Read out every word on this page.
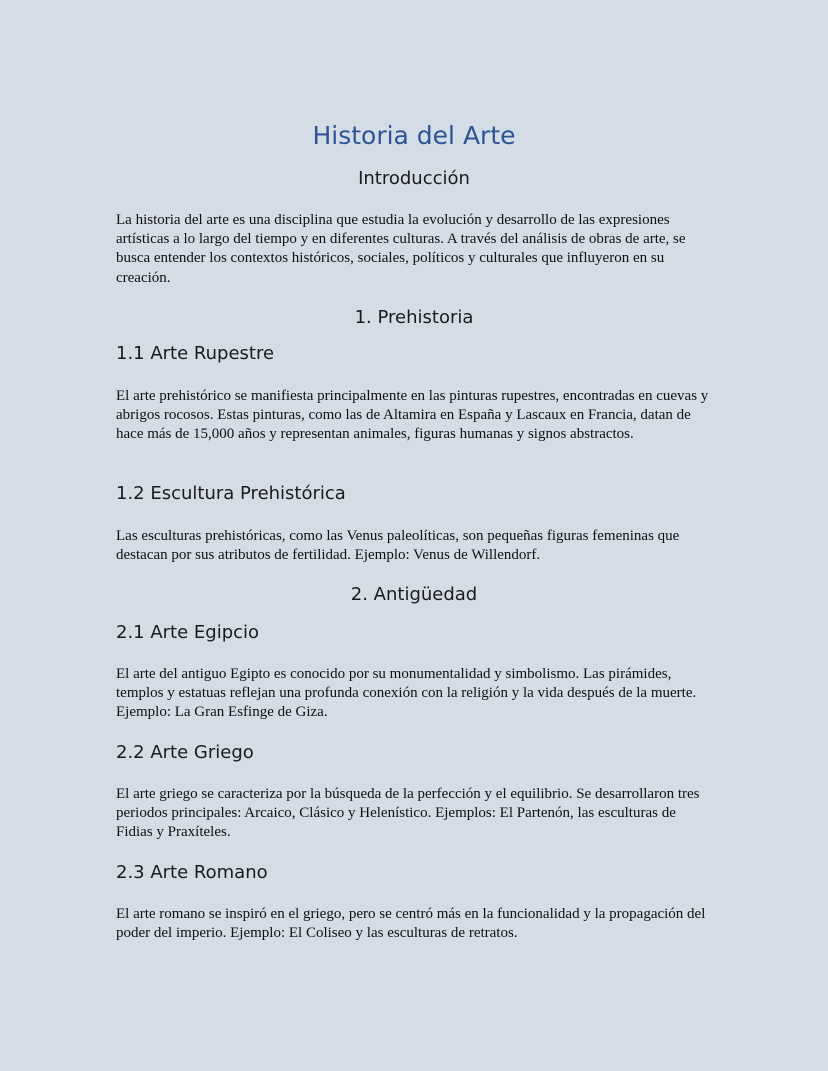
Historia del Arte
Introducción

La historia del arte es una disciplina que estudia la evolución y desarrollo de las expresiones artísticas a lo largo del tiempo y en diferentes culturas. A través del análisis de obras de arte, se busca entender los contextos históricos, sociales, políticos y culturales que influyeron en su creación.

1. Prehistoria
1.1 Arte Rupestre

El arte prehistórico se manifiesta principalmente en las pinturas rupestres, encontradas en cuevas y abrigos rocosos. Estas pinturas, como las de Altamira en España y Lascaux en Francia, datan de hace más de 15,000 años y representan animales, figuras humanas y signos abstractos.

1.2 Escultura Prehistórica

Las esculturas prehistóricas, como las Venus paleolíticas, son pequeñas figuras femeninas que destacan por sus atributos de fertilidad. Ejemplo: Venus de Willendorf.

2. Antigüedad
2.1 Arte Egipcio

El arte del antiguo Egipto es conocido por su monumentalidad y simbolismo. Las pirámides, templos y estatuas reflejan una profunda conexión con la religión y la vida después de la muerte. Ejemplo: La Gran Esfinge de Giza.

2.2 Arte Griego

El arte griego se caracteriza por la búsqueda de la perfección y el equilibrio. Se desarrollaron tres periodos principales: Arcaico, Clásico y Helenístico. Ejemplos: El Partenón, las esculturas de Fidias y Praxíteles.

2.3 Arte Romano

El arte romano se inspiró en el griego, pero se centró más en la funcionalidad y la propagación del poder del imperio. Ejemplo: El Coliseo y las esculturas de retratos.
